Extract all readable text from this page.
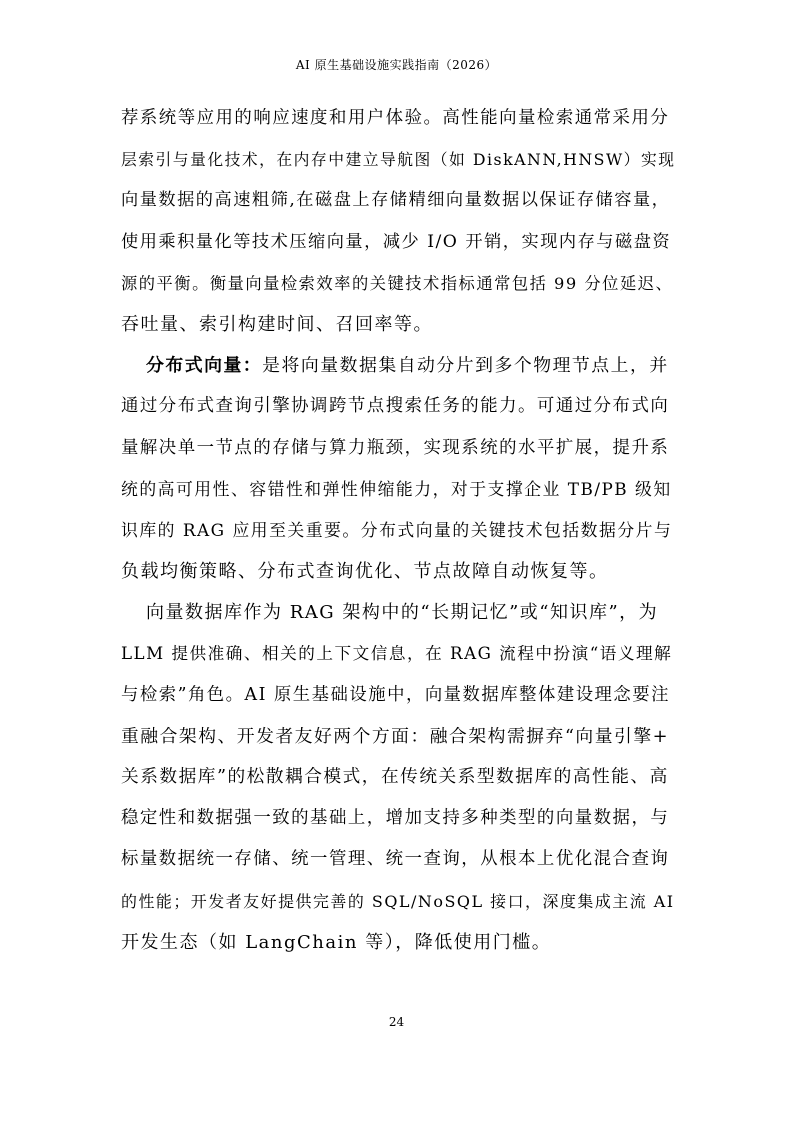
AI 原生基础设施实践指南（2026）
荐系统等应用的响应速度和用户体验。高性能向量检索通常采用分
层索引与量化技术，在内存中建立导航图（如 DiskANN,HNSW）实现
向量数据的高速粗筛,在磁盘上存储精细向量数据以保证存储容量，
使用乘积量化等技术压缩向量，减少 I/O 开销，实现内存与磁盘资
源的平衡。衡量向量检索效率的关键技术指标通常包括 99 分位延迟、
吞吐量、索引构建时间、召回率等。
分布式向量：是将向量数据集自动分片到多个物理节点上，并
通过分布式查询引擎协调跨节点搜索任务的能力。可通过分布式向
量解决单一节点的存储与算力瓶颈，实现系统的水平扩展，提升系
统的高可用性、容错性和弹性伸缩能力，对于支撑企业 TB/PB 级知
识库的 RAG 应用至关重要。分布式向量的关键技术包括数据分片与
负载均衡策略、分布式查询优化、节点故障自动恢复等。
向量数据库作为 RAG 架构中的“长期记忆”或“知识库”，为
LLM 提供准确、相关的上下文信息，在 RAG 流程中扮演“语义理解
与检索”角色。AI 原生基础设施中，向量数据库整体建设理念要注
重融合架构、开发者友好两个方面：融合架构需摒弃“向量引擎+
关系数据库”的松散耦合模式，在传统关系型数据库的高性能、高
稳定性和数据强一致的基础上，增加支持多种类型的向量数据，与
标量数据统一存储、统一管理、统一查询，从根本上优化混合查询
的性能；开发者友好提供完善的 SQL/NoSQL 接口，深度集成主流 AI
开发生态（如 LangChain 等），降低使用门槛。
24
